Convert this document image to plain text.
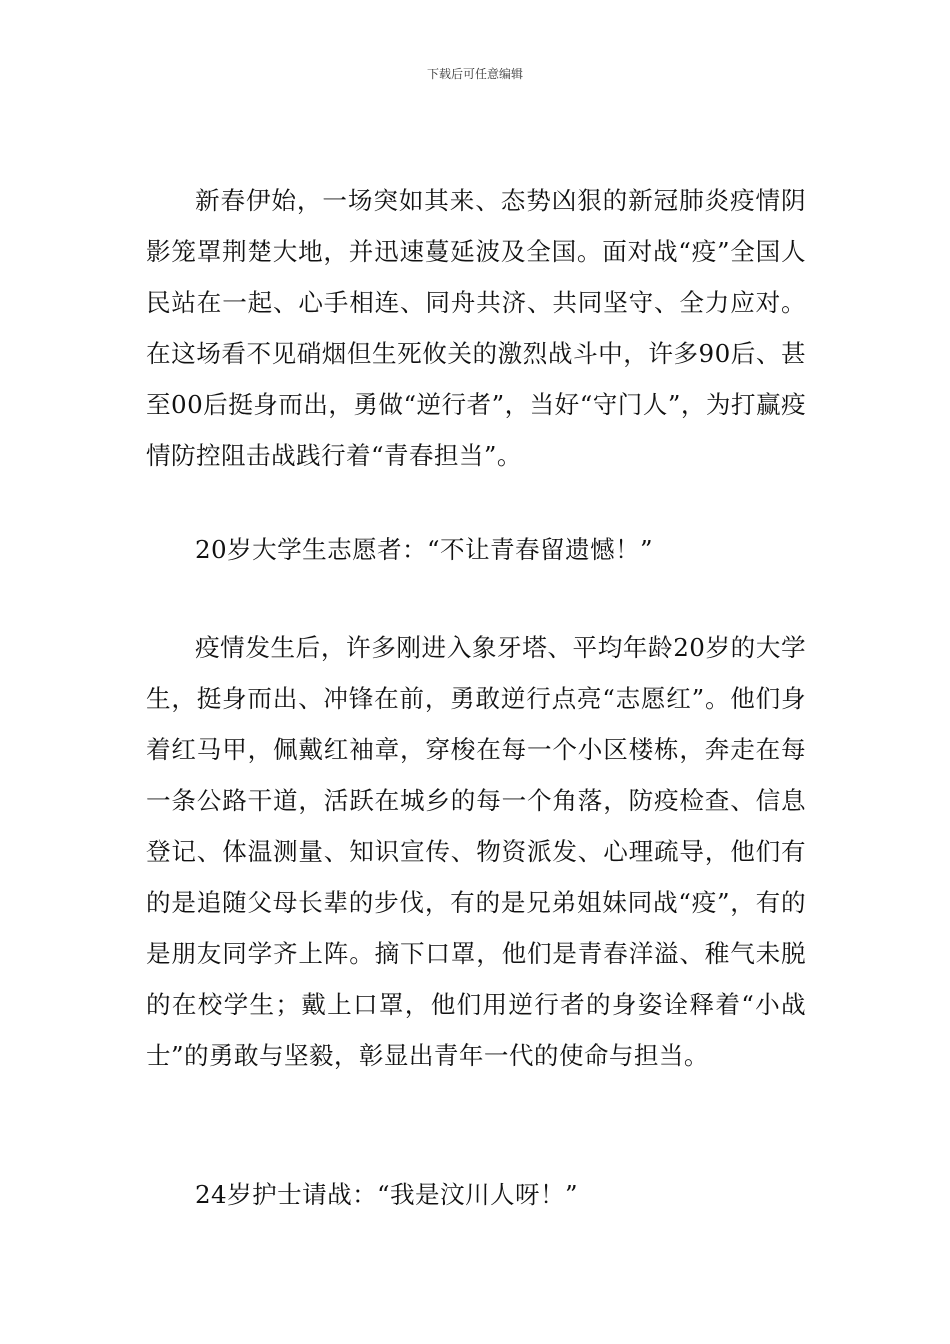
下载后可任意编辑

新春伊始，一场突如其来、态势凶狠的新冠肺炎疫情阴影笼罩荆楚大地，并迅速蔓延波及全国。面对战“疫”全国人民站在一起、心手相连、同舟共济、共同坚守、全力应对。在这场看不见硝烟但生死攸关的激烈战斗中，许多90后、甚至00后挺身而出，勇做“逆行者”，当好“守门人”，为打赢疫情防控阻击战践行着“青春担当”。

20岁大学生志愿者：“不让青春留遗憾！”

疫情发生后，许多刚进入象牙塔、平均年龄20岁的大学生，挺身而出、冲锋在前，勇敢逆行点亮“志愿红”。他们身着红马甲，佩戴红袖章，穿梭在每一个小区楼栋，奔走在每一条公路干道，活跃在城乡的每一个角落，防疫检查、信息登记、体温测量、知识宣传、物资派发、心理疏导，他们有的是追随父母长辈的步伐，有的是兄弟姐妹同战“疫”，有的是朋友同学齐上阵。摘下口罩，他们是青春洋溢、稚气未脱的在校学生；戴上口罩，他们用逆行者的身姿诠释着“小战士”的勇敢与坚毅，彰显出青年一代的使命与担当。

24岁护士请战：“我是汶川人呀！”
